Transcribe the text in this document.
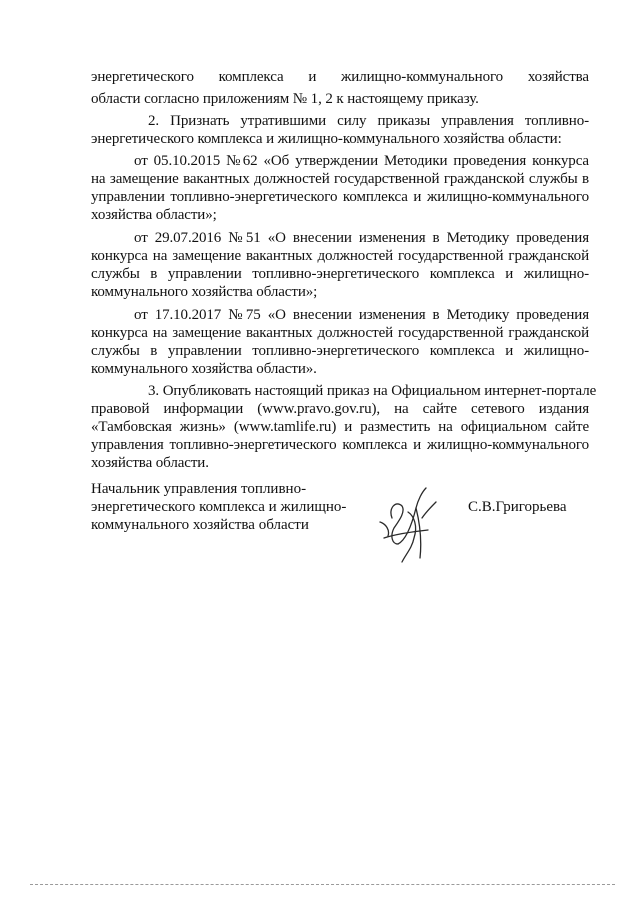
энергетического комплекса и жилищно-коммунального хозяйства
области согласно приложениям № 1, 2 к настоящему приказу.
2. Признать утратившими силу приказы управления топливно-
энергетического комплекса и жилищно-коммунального хозяйства области:
от 05.10.2015 №62 «Об утверждении Методики проведения конкурса
на замещение вакантных должностей государственной гражданской службы в
управлении топливно-энергетического комплекса и жилищно-коммунального
хозяйства области»;
от 29.07.2016 №51 «О внесении изменения в Методику проведения
конкурса на замещение вакантных должностей государственной гражданской
службы в управлении топливно-энергетического комплекса и жилищно-
коммунального хозяйства области»;
от 17.10.2017 №75 «О внесении изменения в Методику проведения
конкурса на замещение вакантных должностей государственной гражданской
службы в управлении топливно-энергетического комплекса и жилищно-
коммунального хозяйства области».
3. Опубликовать настоящий приказ на Официальном интернет-портале
правовой информации (www.pravo.gov.ru), на сайте сетевого издания
«Тамбовская жизнь» (www.tamlife.ru) и разместить на официальном сайте
управления топливно-энергетического комплекса и жилищно-коммунального
хозяйства области.
Начальник управления топливно-
энергетического комплекса и жилищно-
коммунального хозяйства области
С.В.Григорьева
